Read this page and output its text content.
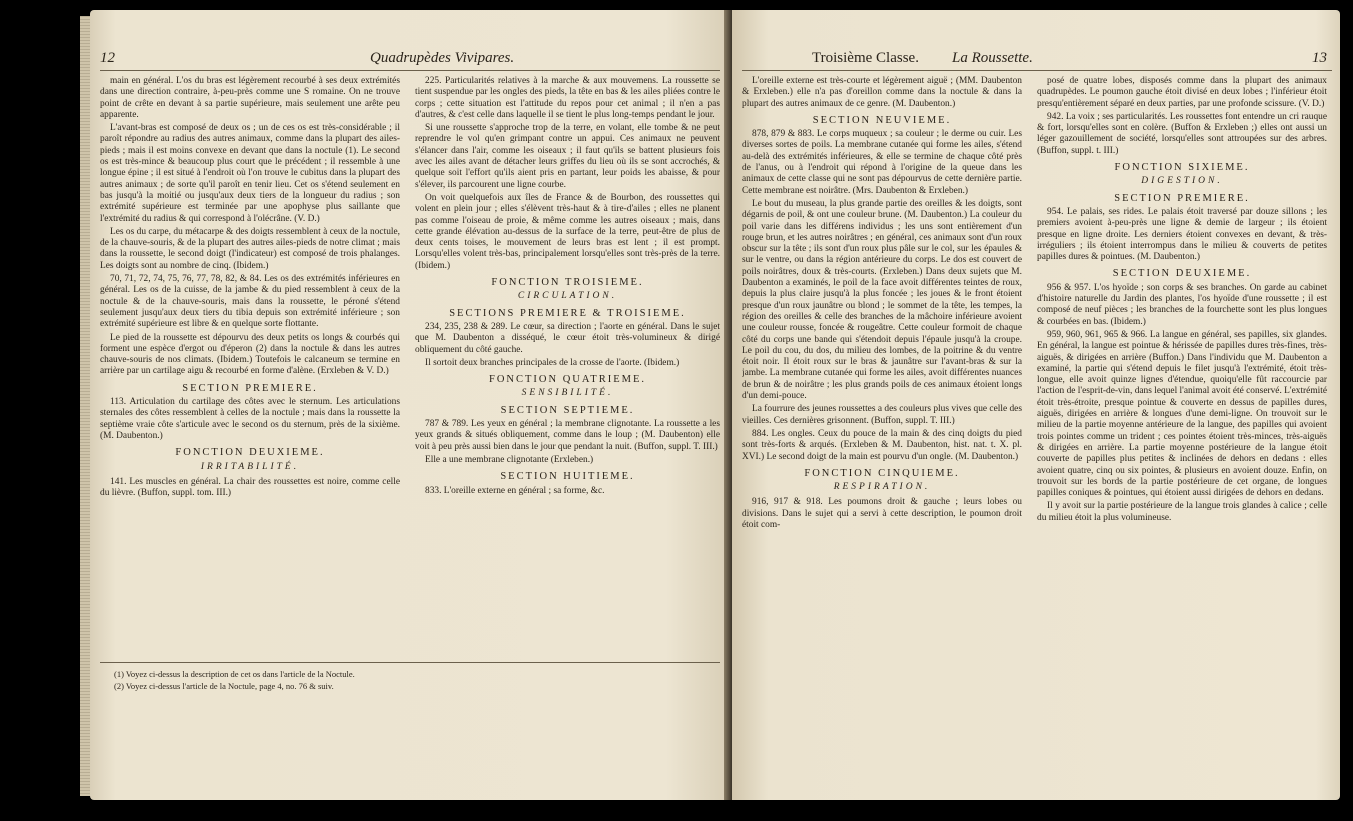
12	Quadrupèdes Vivipares.

main en général. L'os du bras est légèrement recourbé à ses deux extrémités dans une direction contraire, à-peu-près comme une S romaine. On ne trouve point de crête en devant à sa partie supérieure, mais seulement une arête peu apparente.

L'avant-bras est composé de deux os ; un de ces os est très-considérable ; il paroît répondre au radius des autres animaux, comme dans la plupart des ailes-pieds ; mais il est moins convexe en devant que dans la noctule (1). Le second os est très-mince & beaucoup plus court que le précédent ; il ressemble à une longue épine ; il est situé à l'endroit où l'on trouve le cubitus dans la plupart des autres animaux ; de sorte qu'il paroît en tenir lieu. Cet os s'étend seulement en bas jusqu'à la moitié ou jusqu'aux deux tiers de la longueur du radius ; son extrémité supérieure est terminée par une apophyse plus saillante que l'extrémité du radius & qui correspond à l'olécrâne. (V. D.)

Les os du carpe, du métacarpe & des doigts ressemblent à ceux de la noctule, de la chauve-souris, & de la plupart des autres ailes-pieds de notre climat ; mais dans la roussette, le second doigt (l'indicateur) est composé de trois phalanges. Les doigts sont au nombre de cinq. (Ibidem.)

70, 71, 72, 74, 75, 76, 77, 78, 82, & 84. Les os des extrémités inférieures en général. Les os de la cuisse, de la jambe & du pied ressemblent à ceux de la noctule & de la chauve-souris, mais dans la roussette, le péroné s'étend seulement jusqu'aux deux tiers du tibia depuis son extrémité inférieure ; son extrémité supérieure est libre & en quelque sorte flottante.

Le pied de la roussette est dépourvu des deux petits os longs & courbés qui forment une espèce d'ergot ou d'éperon (2) dans la noctule & dans les autres chauve-souris de nos climats. (Ibidem.) Toutefois le calcaneum se termine en arrière par un cartilage aigu & recourbé en forme d'alène. (Erxleben & V. D.)

SECTION PREMIERE.

113. Articulation du cartilage des côtes avec le sternum. Les articulations sternales des côtes ressemblent à celles de la noctule ; mais dans la roussette la septième vraie côte s'articule avec le second os du sternum, près de la sixième. (M. Daubenton.)

FONCTION DEUXIEME.
IRRITABILITÉ.

141. Les muscles en général. La chair des roussettes est noire, comme celle du lièvre. (Buffon, suppl. tom. III.)

225. Particularités relatives à la marche & aux mouvemens. La roussette se tient suspendue par les ongles des pieds, la tête en bas & les ailes pliées contre le corps ; cette situation est l'attitude du repos pour cet animal ; il n'en a pas d'autres, & c'est celle dans laquelle il se tient le plus long-temps pendant le jour.

Si une roussette s'approche trop de la terre, en volant, elle tombe & ne peut reprendre le vol qu'en grimpant contre un appui. Ces animaux ne peuvent s'élancer dans l'air, comme les oiseaux ; il faut qu'ils se battent plusieurs fois avec les ailes avant de détacher leurs griffes du lieu où ils se sont accrochés, & quelque soit l'effort qu'ils aient pris en partant, leur poids les abaisse, & pour s'élever, ils parcourent une ligne courbe.

On voit quelquefois aux îles de France & de Bourbon, des roussettes qui volent en plein jour ; elles s'élèvent très-haut & à tire-d'ailes ; elles ne planent pas comme l'oiseau de proie, & même comme les autres oiseaux ; mais, dans cette grande élévation au-dessus de la surface de la terre, peut-être de plus de deux cents toises, le mouvement de leurs bras est lent ; il est prompt. Lorsqu'elles volent très-bas, principalement lorsqu'elles sont très-près de la terre. (Ibidem.)

FONCTION TROISIEME.
CIRCULATION.
SECTIONS PREMIERE & TROISIEME.

234, 235, 238 & 289. Le cœur, sa direction ; l'aorte en général. Dans le sujet que M. Daubenton a disséqué, le cœur étoit très-volumineux & dirigé obliquement du côté gauche.

Il sortoit deux branches principales de la crosse de l'aorte. (Ibidem.)

FONCTION QUATRIEME.
SENSIBILITÉ.
SECTION SEPTIEME.

787 & 789. Les yeux en général ; la membrane clignotante. La roussette a les yeux grands & situés obliquement, comme dans le loup ; (M. Daubenton) elle voit à peu près aussi bien dans le jour que pendant la nuit. (Buffon, suppl. T. III.)

Elle a une membrane clignotante (Erxleben.)

SECTION HUITIEME.

833. L'oreille externe en général ; sa forme, &c.

(1) Voyez ci-dessus la description de cet os dans l'article de la Noctule.
(2) Voyez ci-dessus l'article de la Noctule, page 4, no. 76 & suiv.
Troisième Classe. La Roussette.	13

L'oreille externe est très-courte et légèrement aiguë ; (MM. Daubenton & Erxleben.) elle n'a pas d'oreillon comme dans la noctule & dans la plupart des autres animaux de ce genre. (M. Daubenton.)

SECTION NEUVIEME.

878, 879 & 883. Le corps muqueux ; sa couleur ; le derme ou cuir. Les diverses sortes de poils. La membrane cutanée qui forme les ailes, s'étend au-delà des extrémités inférieures, & elle se termine de chaque côté près de l'anus, ou à l'endroit qui répond à l'origine de la queue dans les animaux de cette classe qui ne sont pas dépourvus de cette dernière partie. Cette membrane est noirâtre. (Mrs. Daubenton & Erxleben.)

Le bout du museau, la plus grande partie des oreilles & les doigts, sont dégarnis de poil, & ont une couleur brune. (M. Daubenton.) La couleur du poil varie dans les différens individus ; les uns sont entièrement d'un rouge brun, et les autres noirâtres ; en général, ces animaux sont d'un roux obscur sur la tête ; ils sont d'un roux plus pâle sur le col, sur les épaules & sur le ventre, ou dans la région antérieure du corps. Le dos est couvert de poils noirâtres, doux & très-courts. (Erxleben.) Dans deux sujets que M. Daubenton a examinés, le poil de la face avoit différentes teintes de roux, depuis la plus claire jusqu'à la plus foncée ; les joues & le front étoient presque d'un roux jaunâtre ou blond ; le sommet de la tête, les tempes, la région des oreilles & celle des branches de la mâchoire inférieure avoient une couleur rousse, foncée & rougeâtre. Cette couleur formoit de chaque côté du corps une bande qui s'étendoit depuis l'épaule jusqu'à la croupe. Le poil du cou, du dos, du milieu des lombes, de la poitrine & du ventre étoit noir. Il étoit roux sur le bras & jaunâtre sur l'avant-bras & sur la jambe. La membrane cutanée qui forme les ailes, avoit différentes nuances de brun & de noirâtre ; les plus grands poils de ces animaux étoient longs d'un demi-pouce.

La fourrure des jeunes roussettes a des couleurs plus vives que celle des vieilles. Ces dernières grisonnent. (Buffon, suppl. T. III.)

884. Les ongles. Ceux du pouce de la main & des cinq doigts du pied sont très-forts & arqués. (Erxleben & M. Daubenton, hist. nat. t. X. pl. XVI.) Le second doigt de la main est pourvu d'un ongle. (M. Daubenton.)

FONCTION CINQUIEME.
RESPIRATION.

916, 917 & 918. Les poumons droit & gauche ; leurs lobes ou divisions. Dans le sujet qui a servi à cette description, le poumon droit étoit com-

posé de quatre lobes, disposés comme dans la plupart des animaux quadrupèdes. Le poumon gauche étoit divisé en deux lobes ; l'inférieur étoit presqu'entièrement séparé en deux parties, par une profonde scissure. (V. D.)

942. La voix ; ses particularités. Les roussettes font entendre un cri rauque & fort, lorsqu'elles sont en colère. (Buffon & Erxleben ;) elles ont aussi un léger gazouillement de société, lorsqu'elles sont attroupées sur des arbres. (Buffon, suppl. t. III.)

FONCTION SIXIEME.
DIGESTION.
SECTION PREMIERE.

954. Le palais, ses rides. Le palais étoit traversé par douze sillons ; les premiers avoient à-peu-près une ligne & demie de largeur ; ils étoient presque en ligne droite. Les derniers étoient convexes en devant, & très-irréguliers ; ils étoient interrompus dans le milieu & couverts de petites papilles dures & pointues. (M. Daubenton.)

SECTION DEUXIEME.

956 & 957. L'os hyoïde ; son corps & ses branches. On garde au cabinet d'histoire naturelle du Jardin des plantes, l'os hyoïde d'une roussette ; il est composé de neuf pièces ; les branches de la fourchette sont les plus longues & courbées en bas. (Ibidem.)

959, 960, 961, 965 & 966. La langue en général, ses papilles, six glandes. En général, la langue est pointue & hérissée de papilles dures très-fines, très-aiguës, & dirigées en arrière (Buffon.) Dans l'individu que M. Daubenton a examiné, la partie qui s'étend depuis le filet jusqu'à l'extrémité, étoit très-longue, elle avoit quinze lignes d'étendue, quoiqu'elle fût raccourcie par l'action de l'esprit-de-vin, dans lequel l'animal avoit été conservé. L'extrémité étoit très-étroite, presque pointue & couverte en dessus de papilles dures, aiguës, dirigées en arrière & longues d'une demi-ligne. On trouvoit sur le milieu de la partie moyenne antérieure de la langue, des papilles qui avoient trois pointes comme un trident ; ces pointes étoient très-minces, très-aiguës & dirigées en arrière. La partie moyenne postérieure de la langue étoit couverte de papilles plus petites & inclinées de dehors en dedans : elles avoient quatre, cinq ou six pointes, & plusieurs en avoient douze. Enfin, on trouvoit sur les bords de la partie postérieure de cet organe, de longues papilles coniques & pointues, qui étoient aussi dirigées de dehors en dedans.

Il y avoit sur la partie postérieure de la langue trois glandes à calice ; celle du milieu étoit la plus volumineuse.
